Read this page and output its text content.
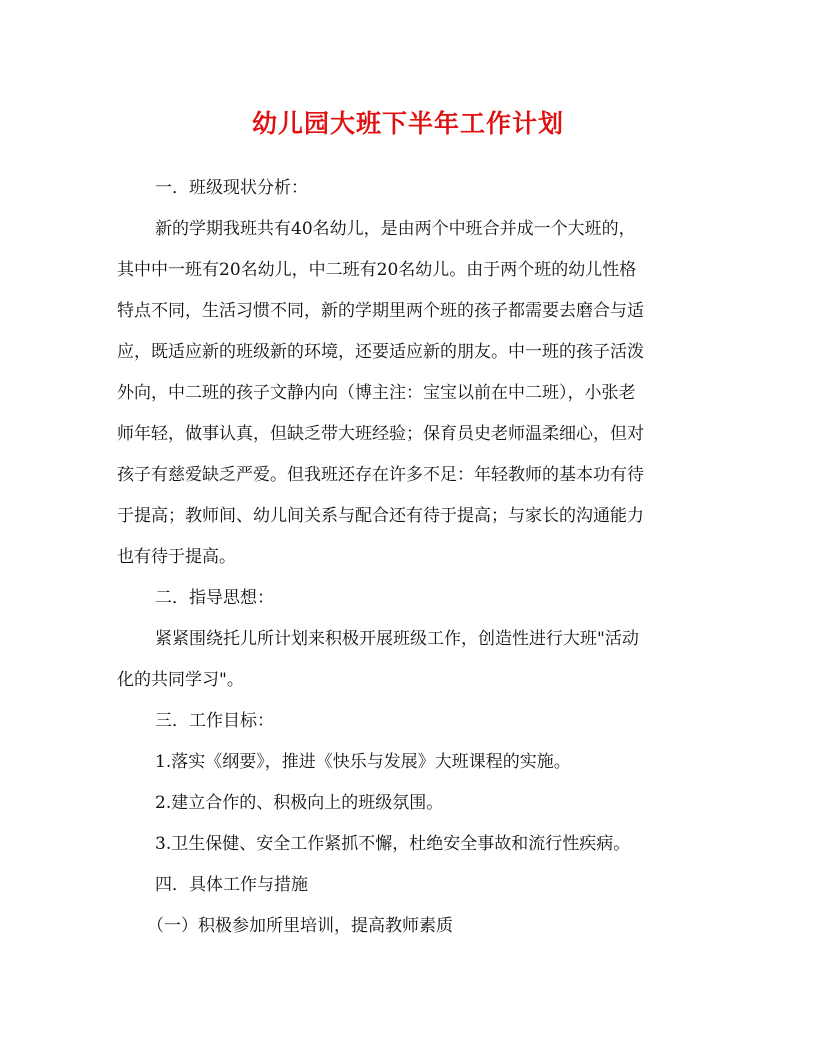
幼儿园大班下半年工作计划
一．班级现状分析：
新的学期我班共有40名幼儿，是由两个中班合并成一个大班的，
其中中一班有20名幼儿，中二班有20名幼儿。由于两个班的幼儿性格
特点不同，生活习惯不同，新的学期里两个班的孩子都需要去磨合与适
应，既适应新的班级新的环境，还要适应新的朋友。中一班的孩子活泼
外向，中二班的孩子文静内向（博主注：宝宝以前在中二班），小张老
师年轻，做事认真，但缺乏带大班经验；保育员史老师温柔细心，但对
孩子有慈爱缺乏严爱。但我班还存在许多不足：年轻教师的基本功有待
于提高；教师间、幼儿间关系与配合还有待于提高；与家长的沟通能力
也有待于提高。
二．指导思想：
紧紧围绕托儿所计划来积极开展班级工作，创造性进行大班"活动
化的共同学习"。
三．工作目标：
1.落实《纲要》，推进《快乐与发展》大班课程的实施。
2.建立合作的、积极向上的班级氛围。
3.卫生保健、安全工作紧抓不懈，杜绝安全事故和流行性疾病。
四．具体工作与措施
（一）积极参加所里培训，提高教师素质
